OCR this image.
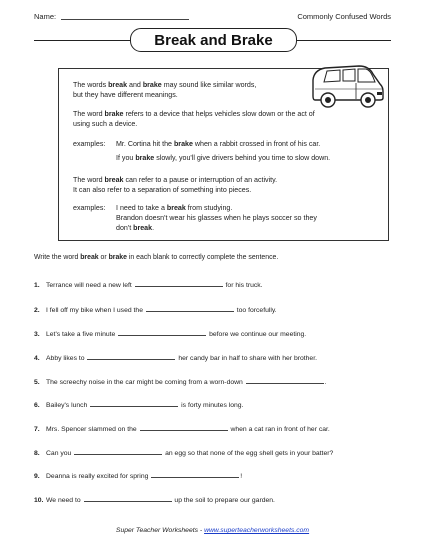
Name:	Commonly Confused Words
Break and Brake
The words break and brake may sound like similar words,
but they have different meanings.
The word brake refers to a device that helps vehicles slow down or the act of
using such a device.
examples: Mr. Cortina hit the brake when a rabbit crossed in front of his car.
If you brake slowly, you'll give drivers behind you time to slow down.
The word break can refer to a pause or interruption of an activity.
It can also refer to a separation of something into pieces.
examples: I need to take a break from studying.
Brandon doesn't wear his glasses when he plays soccer so they
don't break.
Write the word break or brake in each blank to correctly complete the sentence.
1. Terrance will need a new left	for his truck.
2. I fell off my bike when I used the	too forcefully.
3. Let's take a five minute	before we continue our meeting.
4. Abby likes to	her candy bar in half to share with her brother.
5. The screechy noise in the car might be coming from a worn-down	.
6. Bailey's lunch	is forty minutes long.
7. Mrs. Spencer slammed on the	when a cat ran in front of her car.
8. Can you	an egg so that none of the egg shell gets in your batter?
9. Deanna is really excited for spring	!
10. We need to	up the soil to prepare our garden.
Super Teacher Worksheets - www.superteacherworksheets.com
